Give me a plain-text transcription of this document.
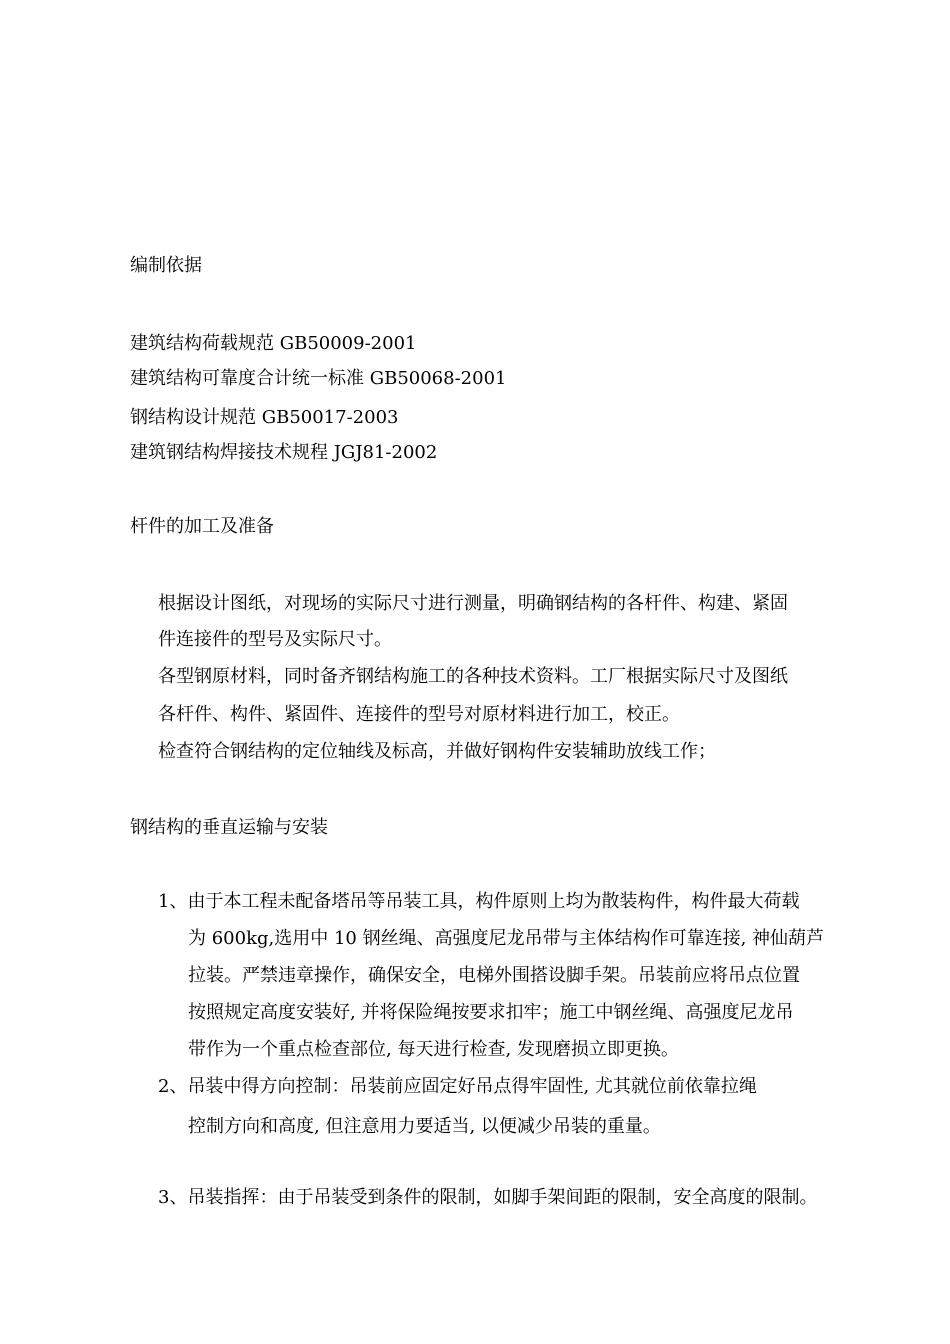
编制依据
建筑结构荷载规范 GB50009-2001
建筑结构可靠度合计统一标准 GB50068-2001
钢结构设计规范 GB50017-2003
建筑钢结构焊接技术规程 JGJ81-2002
杆件的加工及准备
根据设计图纸，对现场的实际尺寸进行测量，明确钢结构的各杆件、构建、紧固
件连接件的型号及实际尺寸。
各型钢原材料，同时备齐钢结构施工的各种技术资料。工厂根据实际尺寸及图纸
各杆件、构件、紧固件、连接件的型号对原材料进行加工，校正。
检查符合钢结构的定位轴线及标高，并做好钢构件安装辅助放线工作；
钢结构的垂直运输与安装
1、由于本工程未配备塔吊等吊装工具，构件原则上均为散装构件，构件最大荷载
为 600kg,选用中 10 钢丝绳、高强度尼龙吊带与主体结构作可靠连接, 神仙葫芦
拉装。严禁违章操作，确保安全，电梯外围搭设脚手架。吊装前应将吊点位置
按照规定高度安装好, 并将保险绳按要求扣牢；施工中钢丝绳、高强度尼龙吊
带作为一个重点检查部位, 每天进行检查, 发现磨损立即更换。
2、吊装中得方向控制：吊装前应固定好吊点得牢固性, 尤其就位前依靠拉绳
控制方向和高度, 但注意用力要适当, 以便减少吊装的重量。
3、吊装指挥：由于吊装受到条件的限制，如脚手架间距的限制，安全高度的限制。
